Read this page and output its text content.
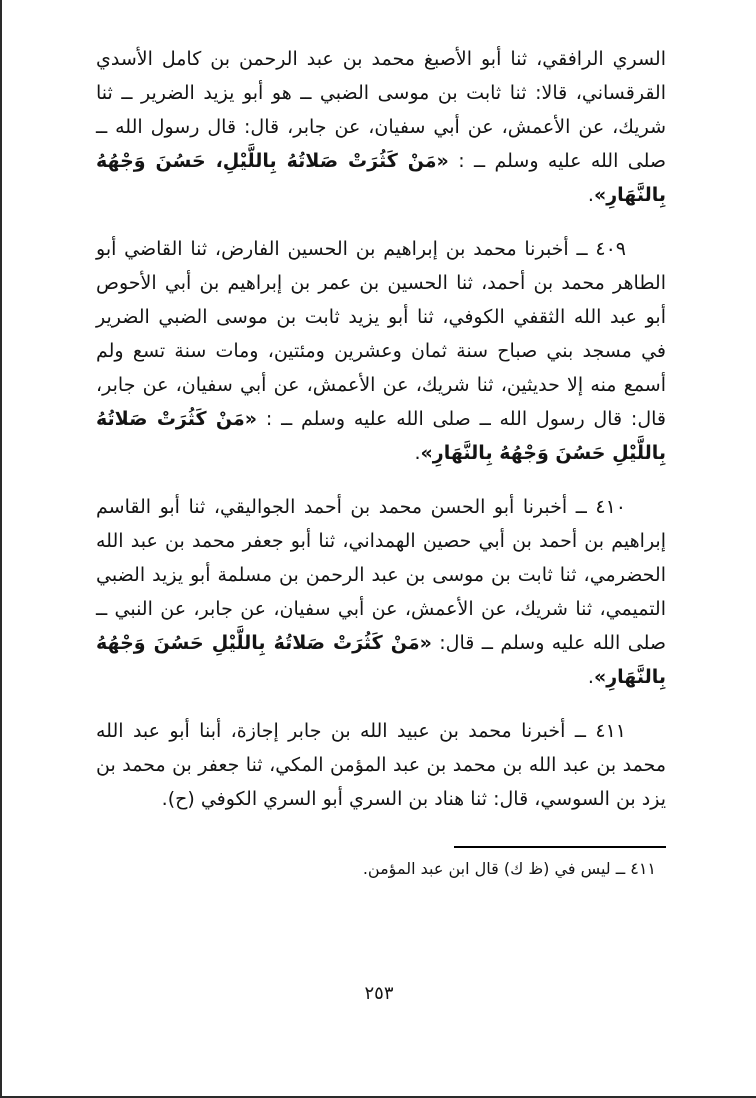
السري الرافقي، ثنا أبو الأصبغ محمد بن عبد الرحمن بن كامل الأسدي القرقساني، قالا: ثنا ثابت بن موسى الضبي ــ هو أبو يزيد الضرير ــ ثنا شريك، عن الأعمش، عن أبي سفيان، عن جابر، قال: قال رسول الله ــ صلى الله عليه وسلم ــ : «مَنْ كَثُرَتْ صَلاتُهُ بِاللَّيْلِ، حَسُنَ وَجْهُهُ بِالنَّهَارِ».

٤٠٩ ــ أخبرنا محمد بن إبراهيم بن الحسين الفارض، ثنا القاضي أبو الطاهر محمد بن أحمد، ثنا الحسين بن عمر بن إبراهيم بن أبي الأحوص أبو عبد الله الثقفي الكوفي، ثنا أبو يزيد ثابت بن موسى الضبي الضرير في مسجد بني صباح سنة ثمان وعشرين ومئتين، ومات سنة تسع ولم أسمع منه إلا حديثين، ثنا شريك، عن الأعمش، عن أبي سفيان، عن جابر، قال: قال رسول الله ــ صلى الله عليه وسلم ــ : «مَنْ كَثُرَتْ صَلاتُهُ بِاللَّيْلِ حَسُنَ وَجْهُهُ بِالنَّهَارِ».

٤١٠ ــ أخبرنا أبو الحسن محمد بن أحمد الجواليقي، ثنا أبو القاسم إبراهيم بن أحمد بن أبي حصين الهمداني، ثنا أبو جعفر محمد بن عبد الله الحضرمي، ثنا ثابت بن موسى بن عبد الرحمن بن مسلمة أبو يزيد الضبي التميمي، ثنا شريك، عن الأعمش، عن أبي سفيان، عن جابر، عن النبي ــ صلى الله عليه وسلم ــ قال: «مَنْ كَثُرَتْ صَلاتُهُ بِاللَّيْلِ حَسُنَ وَجْهُهُ بِالنَّهَارِ».

٤١١ ــ أخبرنا محمد بن عبيد الله بن جابر إجازة، أبنا أبو عبد الله محمد بن عبد الله بن محمد بن عبد المؤمن المكي، ثنا جعفر بن محمد بن يزد بن السوسي، قال: ثنا هناد بن السري أبو السري الكوفي (ح).

٤١١ ــ ليس في (ظ ك) قال ابن عبد المؤمن.

٢٥٣
